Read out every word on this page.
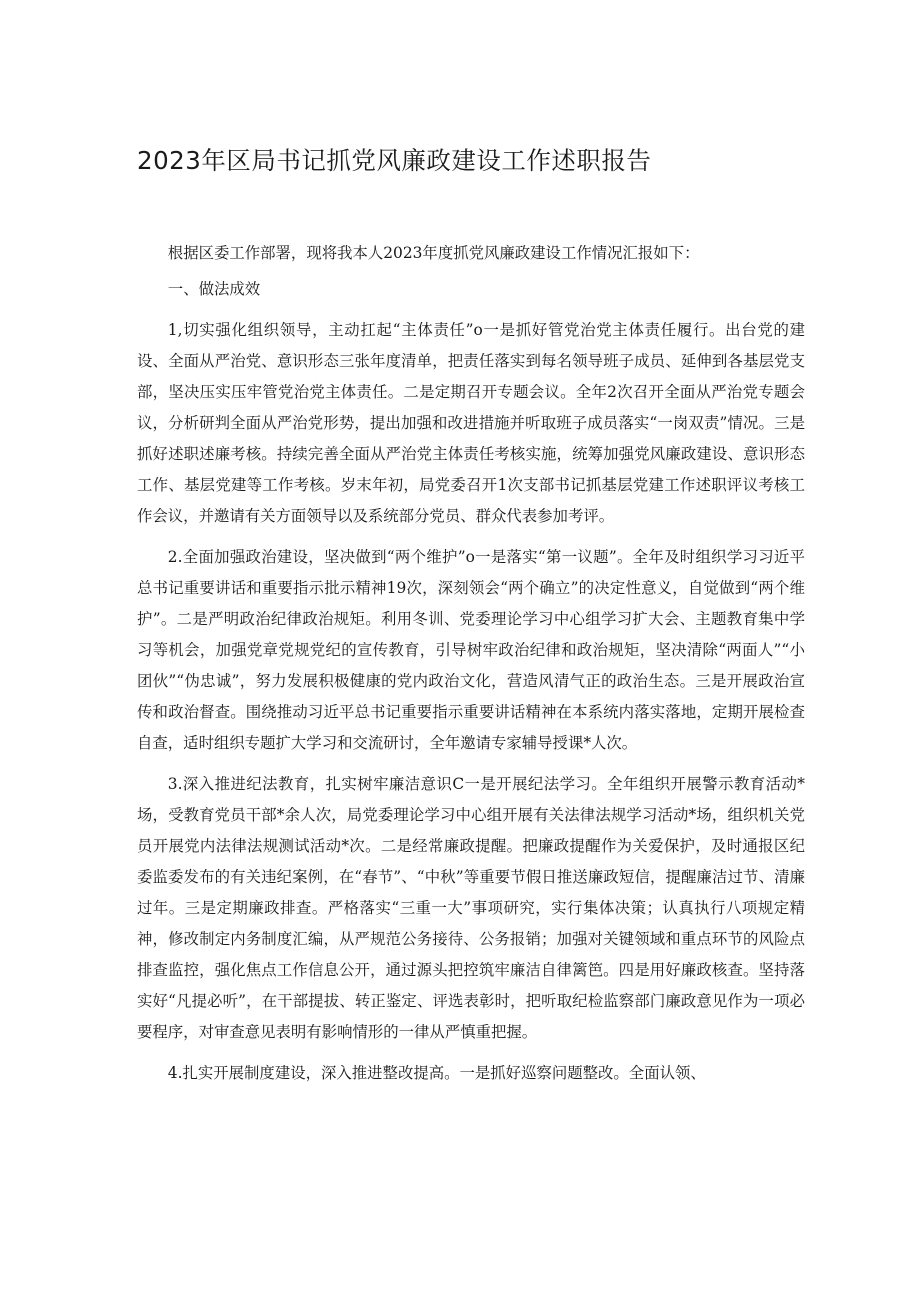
2023年区局书记抓党风廉政建设工作述职报告

根据区委工作部署，现将我本人2023年度抓党风廉政建设工作情况汇报如下：

一、做法成效

1,切实强化组织领导，主动扛起“主体责任”o一是抓好管党治党主体责任履行。出台党的建设、全面从严治党、意识形态三张年度清单，把责任落实到每名领导班子成员、延伸到各基层党支部，坚决压实压牢管党治党主体责任。二是定期召开专题会议。全年2次召开全面从严治党专题会议，分析研判全面从严治党形势，提出加强和改进措施并听取班子成员落实“一岗双责”情况。三是抓好述职述廉考核。持续完善全面从严治党主体责任考核实施，统筹加强党风廉政建设、意识形态工作、基层党建等工作考核。岁末年初，局党委召开1次支部书记抓基层党建工作述职评议考核工作会议，并邀请有关方面领导以及系统部分党员、群众代表参加考评。

2.全面加强政治建设，坚决做到“两个维护”o一是落实“第一议题”。全年及时组织学习习近平总书记重要讲话和重要指示批示精神19次，深刻领会“两个确立”的决定性意义，自觉做到“两个维护”。二是严明政治纪律政治规矩。利用冬训、党委理论学习中心组学习扩大会、主题教育集中学习等机会，加强党章党规党纪的宣传教育，引导树牢政治纪律和政治规矩，坚决清除“两面人”“小团伙”“伪忠诚”，努力发展积极健康的党内政治文化，营造风清气正的政治生态。三是开展政治宣传和政治督查。围绕推动习近平总书记重要指示重要讲话精神在本系统内落实落地，定期开展检查自查，适时组织专题扩大学习和交流研讨，全年邀请专家辅导授课*人次。

3.深入推进纪法教育，扎实树牢廉洁意识C一是开展纪法学习。全年组织开展警示教育活动*场，受教育党员干部*余人次，局党委理论学习中心组开展有关法律法规学习活动*场，组织机关党员开展党内法律法规测试活动*次。二是经常廉政提醒。把廉政提醒作为关爱保护，及时通报区纪委监委发布的有关违纪案例，在“春节”、“中秋”等重要节假日推送廉政短信，提醒廉洁过节、清廉过年。三是定期廉政排查。严格落实“三重一大”事项研究，实行集体决策；认真执行八项规定精神，修改制定内务制度汇编，从严规范公务接待、公务报销；加强对关键领域和重点环节的风险点排查监控，强化焦点工作信息公开，通过源头把控筑牢廉洁自律篱笆。四是用好廉政核查。坚持落实好“凡提必听”，在干部提拔、转正鉴定、评选表彰时，把听取纪检监察部门廉政意见作为一项必要程序，对审查意见表明有影响情形的一律从严慎重把握。

4.扎实开展制度建设，深入推进整改提高。一是抓好巡察问题整改。全面认领、
